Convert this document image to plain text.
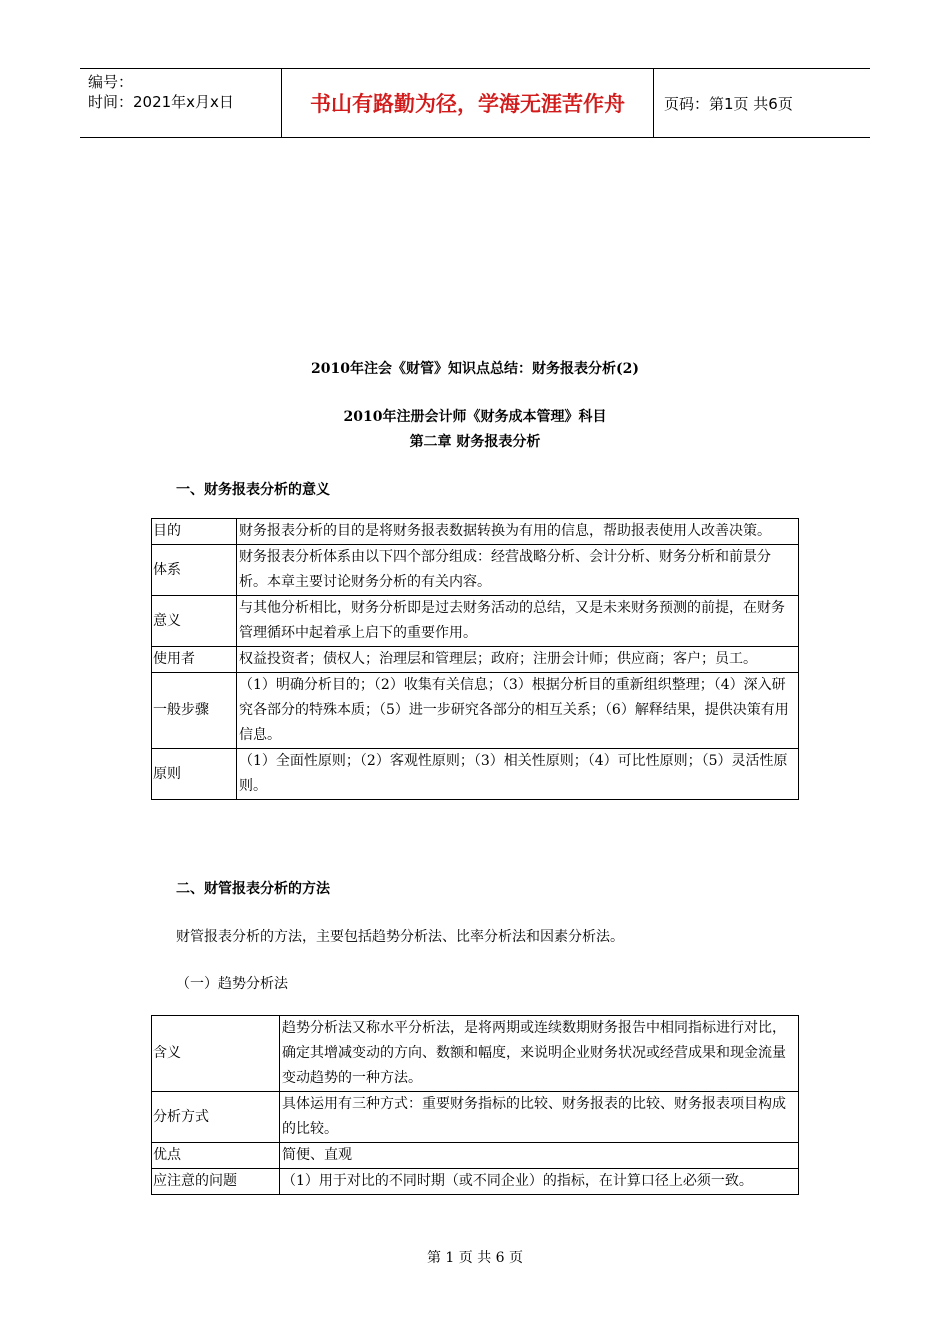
编号：
时间：2021年x月x日	书山有路勤为径，学海无涯苦作舟	页码：第1页 共6页
2010年注会《财管》知识点总结：财务报表分析(2)
2010年注册会计师《财务成本管理》科目
第二章 财务报表分析
一、财务报表分析的意义
目的	财务报表分析的目的是将财务报表数据转换为有用的信息，帮助报表使用人改善决策。
体系	财务报表分析体系由以下四个部分组成：经营战略分析、会计分析、财务分析和前景分析。本章主要讨论财务分析的有关内容。
意义	与其他分析相比，财务分析即是过去财务活动的总结，又是未来财务预测的前提，在财务管理循环中起着承上启下的重要作用。
使用者	权益投资者；债权人；治理层和管理层；政府；注册会计师；供应商；客户；员工。
一般步骤	（1）明确分析目的；（2）收集有关信息；（3）根据分析目的重新组织整理；（4）深入研究各部分的特殊本质；（5）进一步研究各部分的相互关系；（6）解释结果，提供决策有用信息。
原则	（1）全面性原则；（2）客观性原则；（3）相关性原则；（4）可比性原则；（5）灵活性原则。
二、财管报表分析的方法
财管报表分析的方法，主要包括趋势分析法、比率分析法和因素分析法。
（一）趋势分析法
含义	趋势分析法又称水平分析法，是将两期或连续数期财务报告中相同指标进行对比，确定其增减变动的方向、数额和幅度，来说明企业财务状况或经营成果和现金流量变动趋势的一种方法。
分析方式	具体运用有三种方式：重要财务指标的比较、财务报表的比较、财务报表项目构成的比较。
优点	简便、直观
应注意的问题	（1）用于对比的不同时期（或不同企业）的指标，在计算口径上必须一致。
第 1 页 共 6 页
